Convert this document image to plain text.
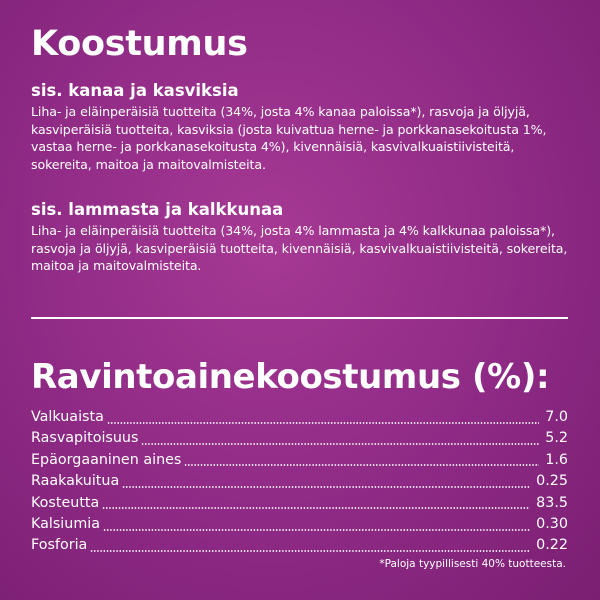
Koostumus
sis. kanaa ja kasviksia

Liha- ja eläinperäisiä tuotteita (34%, josta 4% kanaa paloissa*), rasvoja ja öljyjä, kasviperäisiä tuotteita, kasviksia (josta kuivattua herne- ja porkkanasekoitusta 1%, vastaa herne- ja porkkanasekoitusta 4%), kivennäisiä, kasvivalkuaistiivisteitä, sokereita, maitoa ja maitovalmisteita.

sis. lammasta ja kalkkunaa

Liha- ja eläinperäisiä tuotteita (34%, josta 4% lammasta ja 4% kalkkunaa paloissa*), rasvoja ja öljyjä, kasviperäisiä tuotteita, kivennäisiä, kasvivalkuaistiivisteitä, sokereita, maitoa ja maitovalmisteita.

Ravintoainekoostumus (%):
Valkuaista	7.0
Rasvapitoisuus	5.2
Epäorgaaninen aines	1.6
Raakakuitua	0.25
Kosteutta	83.5
Kalsiumia	0.30
Fosforia	0.22

*Paloja tyypillisesti 40% tuotteesta.
